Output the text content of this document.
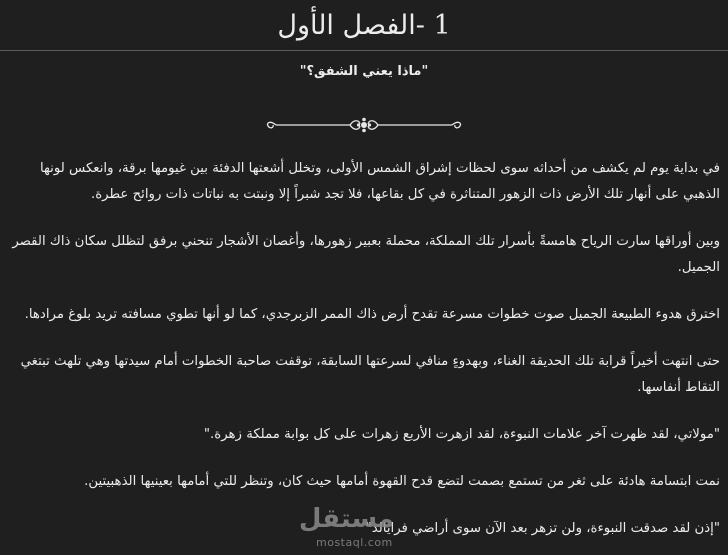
1 -الفصل الأول
"ماذا يعني الشفق؟"

في بداية يوم لم يكشف من أحداثه سوى لحظات إشراق الشمس الأولى، وتخلل أشعتها الدفئة بين غيومها برقة، وانعكس لونها الذهبي على أنهار تلك الأرض ذات الزهور المتناثرة في كل بقاعها، فلا تجد شبراً إلا ونبتت به نباتات ذات روائح عطرة.

وبين أوراقها سارت الرياح هامسةً بأسرار تلك المملكة، محملة بعبير زهورها، وأغصان الأشجار تنحني برفق لتظلل سكان ذاك القصر الجميل.

اخترق هدوء الطبيعة الجميل صوت خطوات مسرعة تقدح أرض ذاك الممر الزبرجدي، كما لو أنها تطوي مسافته تريد بلوغ مرادها.

حتى انتهت أخيراً قرابة تلك الحديقة الغناء، وبهدوءٍ منافي لسرعتها السابقة، توقفت صاحبة الخطوات أمام سيدتها وهي تلهث تبتغي التقاط أنفاسها.

"مولاتي، لقد ظهرت آخر علامات النبوءة، لقد ازهرت الأربع زهرات على كل بوابة مملكة زهرة."

نمت ابتسامة هادئة على ثغر من تستمع بصمت لتضع قدح القهوة أمامها حيث كان، وتنظر للتي أمامها بعينيها الذهبيتين.

"إذن لقد صدقت النبوءة، ولن تزهر بعد الآن سوى أراضي فرايالد"

مستقل
mostaql.com
